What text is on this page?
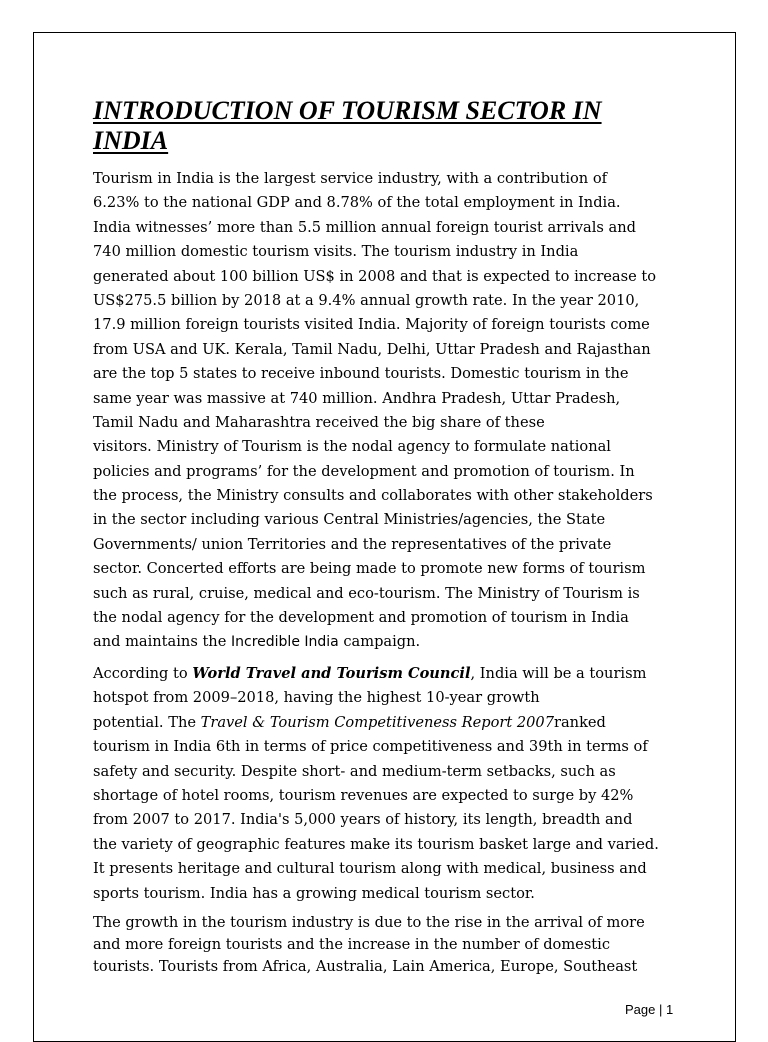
INTRODUCTION OF TOURISM SECTOR IN INDIA
Tourism in India is the largest service industry, with a contribution of
6.23% to the national GDP and 8.78% of the total employment in India.
India witnesses’ more than 5.5 million annual foreign tourist arrivals and
740 million domestic tourism visits. The tourism industry in India
generated about 100 billion US$ in 2008 and that is expected to increase to
US$275.5 billion by 2018 at a 9.4% annual growth rate. In the year 2010,
17.9 million foreign tourists visited India. Majority of foreign tourists come
from USA and UK. Kerala, Tamil Nadu, Delhi, Uttar Pradesh and Rajasthan
are the top 5 states to receive inbound tourists. Domestic tourism in the
same year was massive at 740 million. Andhra Pradesh, Uttar Pradesh,
Tamil Nadu and Maharashtra received the big share of these
visitors. Ministry of Tourism is the nodal agency to formulate national
policies and programs’ for the development and promotion of tourism. In
the process, the Ministry consults and collaborates with other stakeholders
in the sector including various Central Ministries/agencies, the State
Governments/ union Territories and the representatives of the private
sector. Concerted efforts are being made to promote new forms of tourism
such as rural, cruise, medical and eco-tourism. The Ministry of Tourism is
the nodal agency for the development and promotion of tourism in India
and maintains the Incredible India campaign.
According to World Travel and Tourism Council, India will be a tourism
hotspot from 2009–2018, having the highest 10-year growth
potential. The Travel & Tourism Competitiveness Report 2007ranked
tourism in India 6th in terms of price competitiveness and 39th in terms of
safety and security. Despite short- and medium-term setbacks, such as
shortage of hotel rooms, tourism revenues are expected to surge by 42%
from 2007 to 2017. India's 5,000 years of history, its length, breadth and
the variety of geographic features make its tourism basket large and varied.
It presents heritage and cultural tourism along with medical, business and
sports tourism. India has a growing medical tourism sector.
The growth in the tourism industry is due to the rise in the arrival of more
and more foreign tourists and the increase in the number of domestic
tourists. Tourists from Africa, Australia, Lain America, Europe, Southeast
Page | 1
